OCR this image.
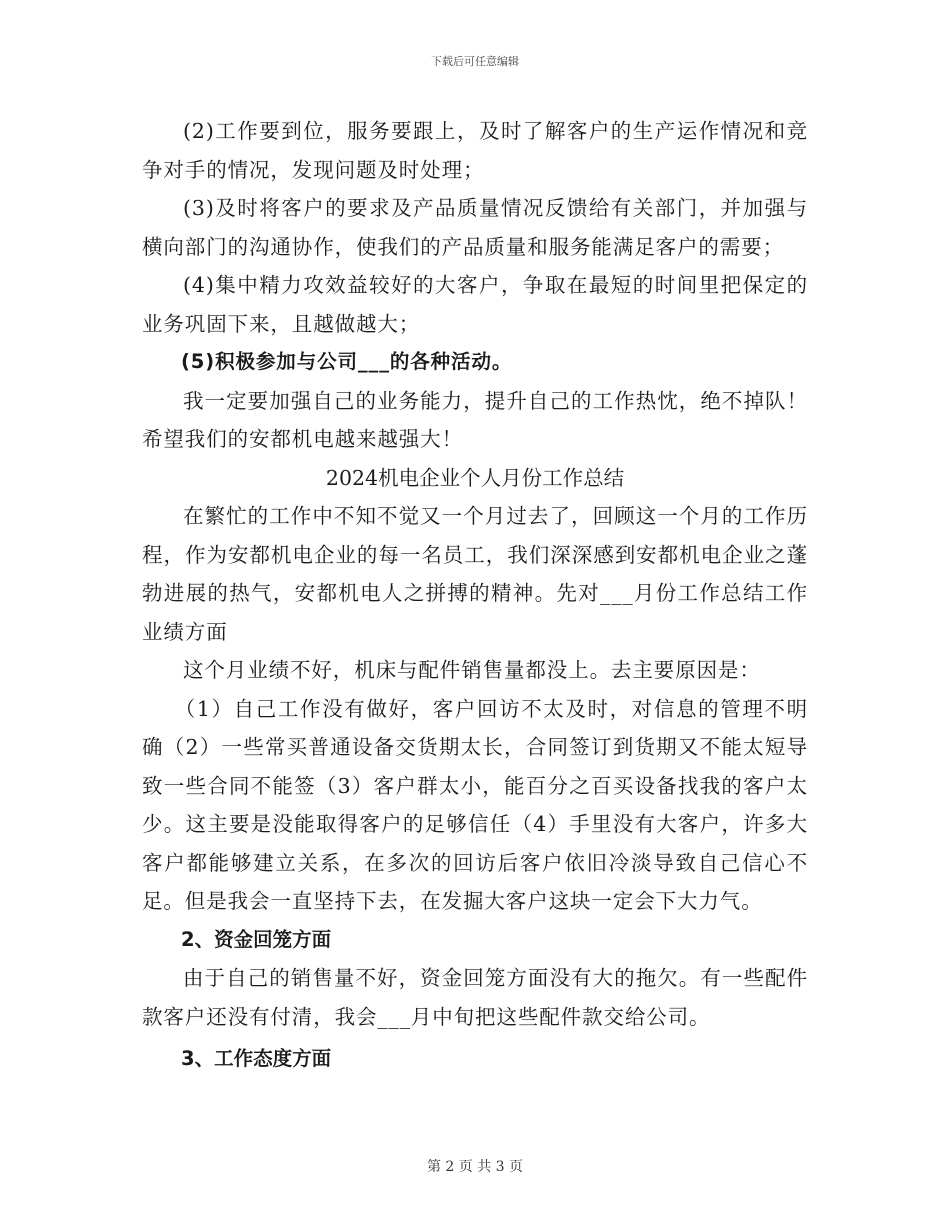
下载后可任意编辑

(2)工作要到位，服务要跟上，及时了解客户的生产运作情况和竞争对手的情况，发现问题及时处理；

(3)及时将客户的要求及产品质量情况反馈给有关部门，并加强与横向部门的沟通协作，使我们的产品质量和服务能满足客户的需要；

(4)集中精力攻效益较好的大客户，争取在最短的时间里把保定的业务巩固下来，且越做越大；

(5)积极参加与公司___的各种活动。

我一定要加强自己的业务能力，提升自己的工作热忱，绝不掉队！希望我们的安都机电越来越强大！

2024机电企业个人月份工作总结

在繁忙的工作中不知不觉又一个月过去了，回顾这一个月的工作历程，作为安都机电企业的每一名员工，我们深深感到安都机电企业之蓬勃进展的热气，安都机电人之拼搏的精神。先对___月份工作总结工作业绩方面

这个月业绩不好，机床与配件销售量都没上。去主要原因是：

（1）自己工作没有做好，客户回访不太及时，对信息的管理不明确（2）一些常买普通设备交货期太长，合同签订到货期又不能太短导致一些合同不能签（3）客户群太小，能百分之百买设备找我的客户太少。这主要是没能取得客户的足够信任（4）手里没有大客户，许多大客户都能够建立关系，在多次的回访后客户依旧冷淡导致自己信心不足。但是我会一直坚持下去，在发掘大客户这块一定会下大力气。

2、资金回笼方面

由于自己的销售量不好，资金回笼方面没有大的拖欠。有一些配件款客户还没有付清，我会___月中旬把这些配件款交给公司。

3、工作态度方面

第 2 页 共 3 页
